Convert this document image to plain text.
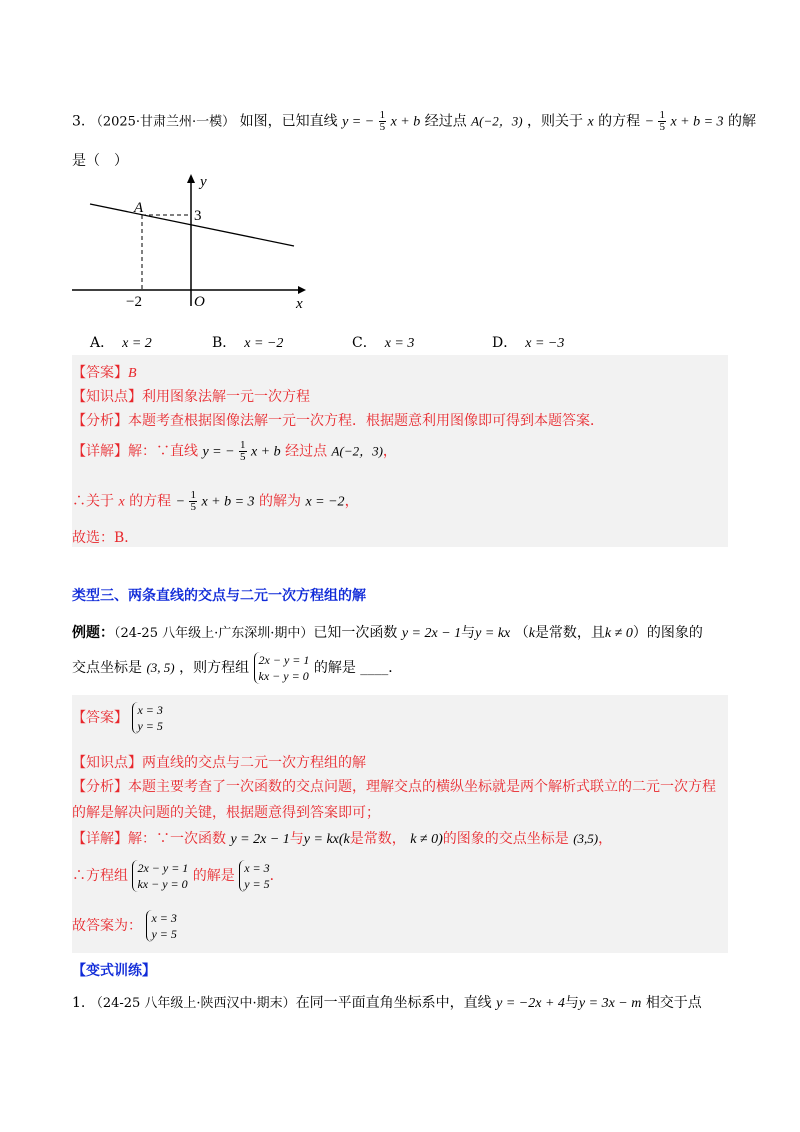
3. （2025·甘肃兰州·一模） 如图，已知直线 y = − $\frac{1}{5}$ x + b 经过点 A(−2，3) ，则关于 x 的方程 − $\frac{1}{5}$ x + b = 3 的解
是（　）
y
x
O
A	3
−2
A． x = 2	B． x = −2	C． x = 3	D． x = −3
【答案】B
【知识点】利用图象法解一元一次方程
【分析】本题考查根据图像法解一元一次方程．根据题意利用图像即可得到本题答案．
【详解】解：∵直线 y = − $\frac{1}{5}$ x + b 经过点 A(−2，3)，
∴关于 x 的方程 − $\frac{1}{5}$ x + b = 3 的解为 x = −2，
故选：B．
类型三、两条直线的交点与二元一次方程组的解
例题：（24-25 八年级上·广东深圳·期中）已知一次函数 y = 2x − 1与y = kx （k是常数，且k ≠ 0）的图象的
交点坐标是 (3, 5) ，则方程组 2x − y = 1
kx − y = 0 的解是 ____．
【答案】 x = 3
y = 5
【知识点】两直线的交点与二元一次方程组的解
【分析】本题主要考查了一次函数的交点问题，理解交点的横纵坐标就是两个解析式联立的二元一次方程
的解是解决问题的关键，根据题意得到答案即可；
【详解】解：∵一次函数 y = 2x − 1与y = kx(k是常数， k ≠ 0)的图象的交点坐标是 (3,5)，
∴方程组 2x − y = 1
kx − y = 0 的解是 x = 3
y = 5 ．
故答案为： x = 3
y = 5
【变式训练】
1. （24-25 八年级上·陕西汉中·期末）在同一平面直角坐标系中，直线 y = −2x + 4与y = 3x − m 相交于点
